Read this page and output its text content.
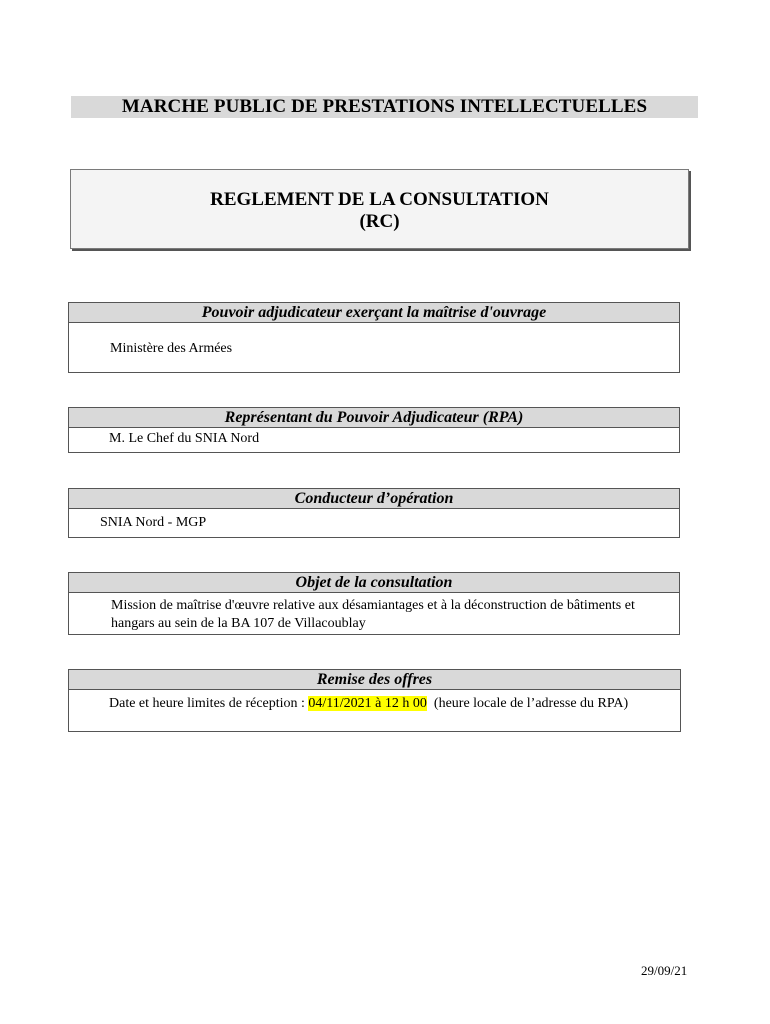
MARCHE PUBLIC DE PRESTATIONS INTELLECTUELLES
REGLEMENT DE LA CONSULTATION
(RC)
Pouvoir adjudicateur exerçant la maîtrise d'ouvrage
Ministère des Armées
Représentant du Pouvoir Adjudicateur (RPA)
M. Le Chef du SNIA Nord
Conducteur d’opération
SNIA Nord - MGP
Objet de la consultation
Mission de maîtrise d'œuvre relative aux désamiantages et à la déconstruction de bâtiments et hangars au sein de la BA 107 de Villacoublay
Remise des offres
Date et heure limites de réception : 04/11/2021 à 12 h 00  (heure locale de l’adresse du RPA)
29/09/21
